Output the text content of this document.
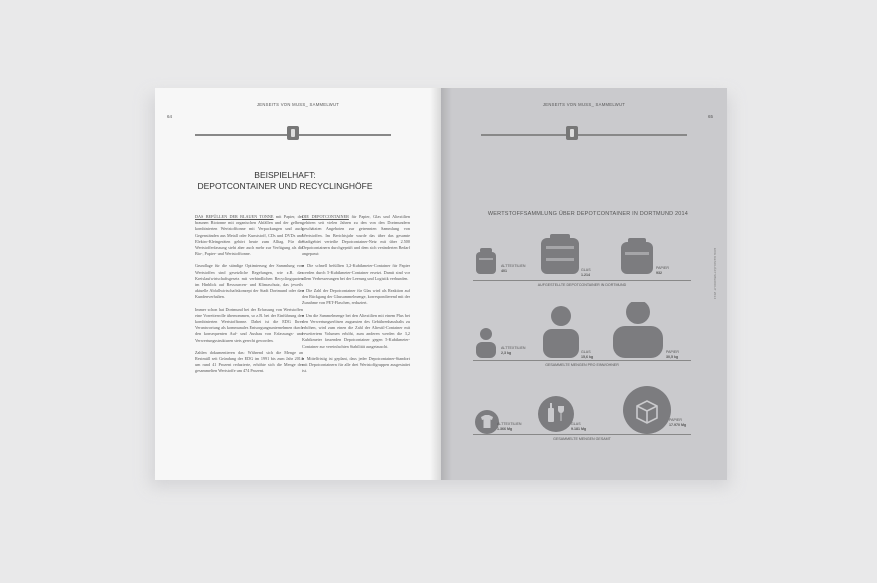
JENSEITS VON MUSS_ SAMMELWUT
64
BEISPIELHAFT:
DEPOTCONTAINER UND RECYCLINGHÖFE

DAS BEFÜLLEN DER BLAUEN TONNE mit Papier, der braunen Biotonne mit organischen Abfällen und der gelben, kombinierten Wertstofftonne mit Verpackungen und auch Gegenständen aus Metall oder Kunststoff, CDs und DVDs und Elektro-Kleingeräten gehört heute zum Alltag. Für die Wertstofferfassung steht aber auch mehr zur Verfügung als die Bio-, Papier- und Wertstofftonne.

Grundlage für die ständige Optimierung der Sammlung von Wertstoffen sind gesetzliche Regelungen, wie z.B. das Kreislaufwirtschaftsgesetz mit verbindlichen Recyclingquoten im Hinblick auf Ressourcen- und Klimaschutz, das jeweils aktuelle Abfallwirtschaftskonzept der Stadt Dortmund oder das Kundenverhalten.

Immer schon hat Dortmund bei der Erfassung von Wertstoffen eine Vorreiterrolle übernommen, so z.B. bei der Einführung der kombinierten Wertstofftonne. Dabei ist die EDG Ihrer Verantwortung als kommunales Entsorgungsunternehmen durch den konsequenten Auf- und Ausbau von Erfassungs- und Verwertungsstrukturen stets gerecht geworden.

Zahlen dokumentieren das: Während sich die Menge an Restmüll seit Gründung der EDG im 1991 bis zum Jahr 2014 um rund 41 Prozent reduzierte, erhöhte sich die Menge der gesammelten Wertstoffe um 474 Prozent.

DIE DEPOTCONTAINER für Papier, Glas und Altextilien gehören seit vielen Jahren zu den von den Dortmundern geschätzten Angeboten zur getrennten Sammlung von Wertstoffen. Im Berichtsjahr wurde das über das gesamte Stadtgebiet verteilte Depotcontainer-Netz mit über 2.500 Depotcontainern durchgeprüft und dem sich veränderten Bedarf angepasst:

● Die schnell befüllten 3,2-Kubikmeter-Container für Papier werden durch 5-Kubikmeter-Container ersetzt. Damit sind vor allem Verbesserungen bei der Leerung und Logistik verbunden.

● Die Zahl der Depotcontainer für Glas wird als Reaktion auf den Rückgang der Glassammelmenge, korrespondierend mit der Zunahme von PET-Flaschen, reduziert.

● Um die Sammelmenge bei den Altextilien mit einem Plus bei den Verwertungserlösen zugunsten des Gebührenhaushalts zu erhöhen, wird zum einen die Zahl der Altextil-Container mit erweitertem Volumen erhöht, zum anderen werden die 3,2 Kubikmeter fassenden Depotcontainer gegen 5-Kubikmeter-Container zur vereinfachten Stabilität ausgetauscht.

● Mittelfristig ist geplant, dass jeder Depotcontainer-Standort mit Depotcontainern für alle drei Wertstoffgruppen ausgestattet ist.

JENSEITS VON MUSS_ SAMMELWUT
65
EDG GESCHÄFTSBERICHT 2014
WERTSTOFFSAMMLUNG ÜBER DEPOTCONTAINER IN DORTMUND 2014
ALTTEXTILIEN
401	GLAS
1.214
PAPIER
932
AUFGESTELLTE DEPOTCONTAINER IN DORTMUND
ALTTEXTILIEN
2,3 kg	GLAS
15,6 kg
PAPIER
30,5 kg
GESAMMELTE MENGEN PRO EINWOHNER
ALTTEXTILIEN
1.366 Mg
GLAS
9.181 Mg
PAPIER
17.970 Mg
GESAMMELTE MENGEN GESAMT
